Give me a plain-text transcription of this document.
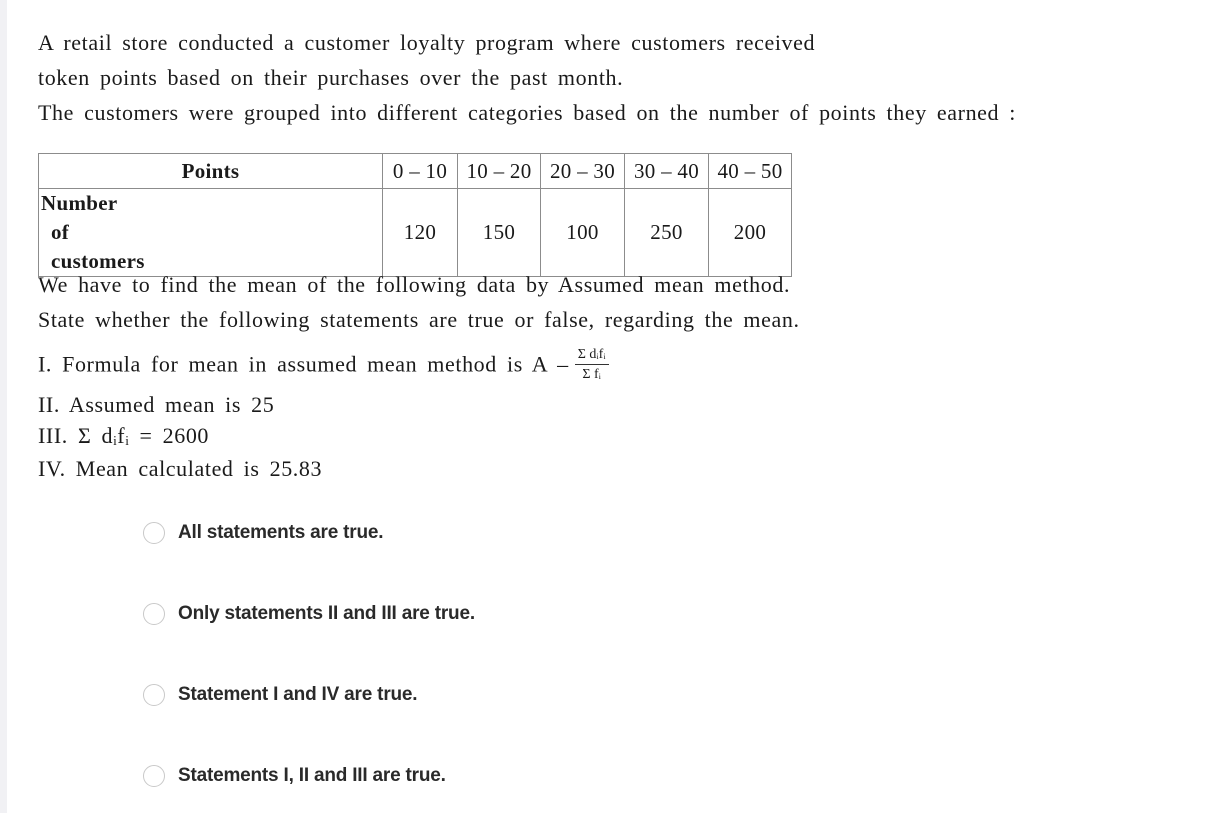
A retail store conducted a customer loyalty program where customers received
token points based on their purchases over the past month.
The customers were grouped into different categories based on the number of points they earned :
Points	0 – 10	10 – 20	20 – 30	30 – 40	40 – 50

Number
of
customers	120	150	100	250	200
We have to find the mean of the following data by Assumed mean method.
State whether the following statements are true or false, regarding the mean.
I. Formula for mean in assumed mean method is A – $\frac{\text{Σ dᵢfᵢ}}{\text{Σ fᵢ}}$
II. Assumed mean is 25
III. Σ dᵢfᵢ = 2600
IV. Mean calculated is 25.83
All statements are true.
Only statements II and III are true.
Statement I and IV are true.
Statements I, II and III are true.
